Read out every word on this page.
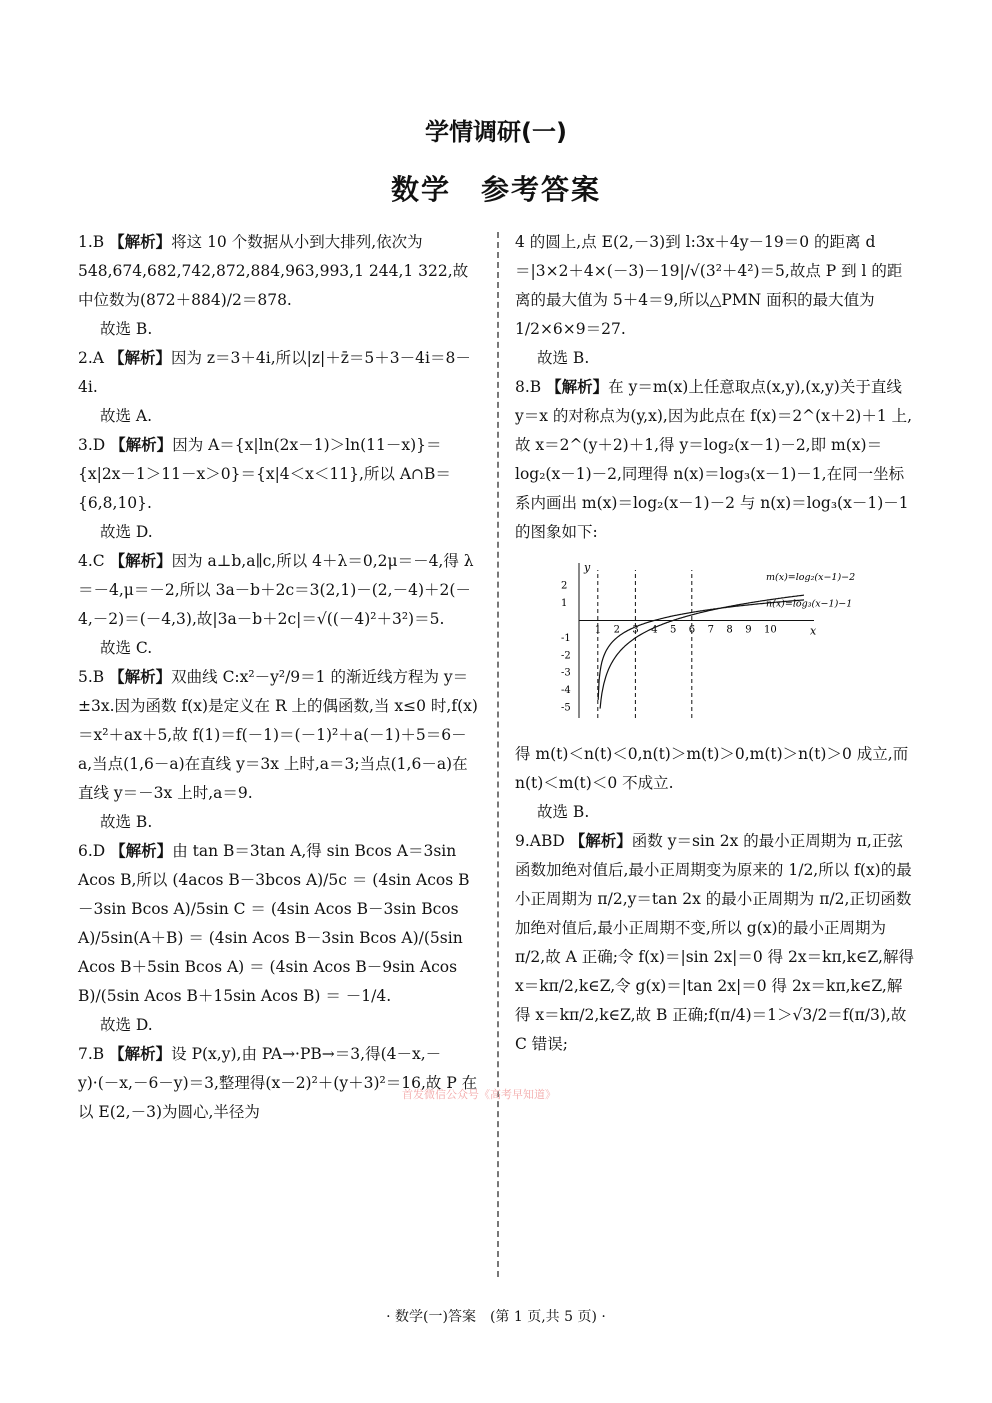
学情调研(一)
数学　参考答案
1.B 【解析】将这 10 个数据从小到大排列,依次为 548,674,682,742,872,884,963,993,1 244,1 322,故中位数为(872＋884)/2＝878.
故选 B.
2.A 【解析】因为 z＝3＋4i,所以|z|＋z̄＝5＋3－4i＝8－4i.
故选 A.
3.D 【解析】因为 A＝{x|ln(2x－1)＞ln(11－x)}＝{x|2x－1＞11－x＞0}＝{x|4＜x＜11},所以 A∩B＝{6,8,10}.
故选 D.
4.C 【解析】因为 a⊥b,a∥c,所以 4＋λ＝0,2μ＝－4,得 λ＝－4,μ＝－2,所以 3a－b＋2c＝3(2,1)－(2,－4)＋2(－4,－2)＝(－4,3),故|3a－b＋2c|＝√((－4)²＋3²)＝5.
故选 C.
5.B 【解析】双曲线 C:x²－y²/9＝1 的渐近线方程为 y＝±3x.因为函数 f(x)是定义在 R 上的偶函数,当 x≤0 时,f(x)＝x²＋ax＋5,故 f(1)＝f(－1)＝(－1)²＋a(－1)＋5＝6－a,当点(1,6－a)在直线 y＝3x 上时,a＝3;当点(1,6－a)在直线 y＝－3x 上时,a＝9.
故选 B.
6.D 【解析】由 tan B＝3tan A,得 sin Bcos A＝3sin Acos B,所以 (4acos B－3bcos A)/5c ＝ (4sin Acos B－3sin Bcos A)/5sin C ＝ (4sin Acos B－3sin Bcos A)/5sin(A＋B) ＝ (4sin Acos B－3sin Bcos A)/(5sin Acos B＋5sin Bcos A) ＝ (4sin Acos B－9sin Acos B)/(5sin Acos B＋15sin Acos B) ＝ －1/4.
故选 D.
7.B 【解析】设 P(x,y),由 PA→·PB→＝3,得(4－x,－y)·(－x,－6－y)＝3,整理得(x－2)²＋(y＋3)²＝16,故 P 在以 E(2,－3)为圆心,半径为
4 的圆上,点 E(2,－3)到 l:3x＋4y－19＝0 的距离 d＝|3×2＋4×(－3)－19|/√(3²＋4²)＝5,故点 P 到 l 的距离的最大值为 5＋4＝9,所以△PMN 面积的最大值为 1/2×6×9＝27.
故选 B.
8.B 【解析】在 y＝m(x)上任意取点(x,y),(x,y)关于直线 y＝x 的对称点为(y,x),因为此点在 f(x)＝2^(x＋2)＋1 上,故 x＝2^(y＋2)＋1,得 y＝log₂(x－1)－2,即 m(x)＝log₂(x－1)－2,同理得 n(x)＝log₃(x－1)－1,在同一坐标系内画出 m(x)＝log₂(x－1)－2 与 n(x)＝log₃(x－1)－1 的图象如下:
x
y
1 2 3 4 5 6 7 8 9 10
2
1
-1
-2
-3
-4
-5
m(x)=log₂(x−1)−2
n(x)=log₃(x−1)−1
得 m(t)＜n(t)＜0,n(t)＞m(t)＞0,m(t)＞n(t)＞0 成立,而 n(t)＜m(t)＜0 不成立.
故选 B.
9.ABD 【解析】函数 y＝sin 2x 的最小正周期为 π,正弦函数加绝对值后,最小正周期变为原来的 1/2,所以 f(x)的最小正周期为 π/2,y＝tan 2x 的最小正周期为 π/2,正切函数加绝对值后,最小正周期不变,所以 g(x)的最小正周期为 π/2,故 A 正确;令 f(x)＝|sin 2x|＝0 得 2x＝kπ,k∈Z,解得 x＝kπ/2,k∈Z,令 g(x)＝|tan 2x|＝0 得 2x＝kπ,k∈Z,解得 x＝kπ/2,k∈Z,故 B 正确;f(π/4)＝1＞√3/2＝f(π/3),故 C 错误;
首发微信公众号《高考早知道》
· 数学(一)答案　(第 1 页,共 5 页) ·
